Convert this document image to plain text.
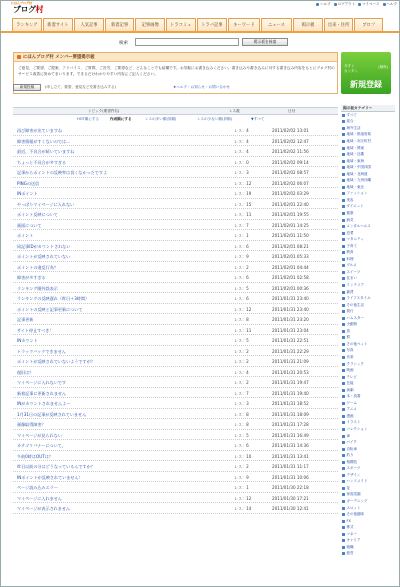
にほんブログ村
ブログ村	ヘルプ ログアウト マイページ ヘルプ
ランキング	新着サイト	人気記事	新着記事	記事画像	トラコミュ	トラバ記事	キーワード	ニュース	掲示板	出来・住所	ブロフ
検索	掲示板を検索
にほんブログ村 メンバー要望掲示板
ご意見、ご要望、ご提案、アドバイス、ご質問、ご苦労、ご要望など、どんなことでも結構です。お気軽にお書き込みください。書き込みや書き込みに対する書き込み内容をもとにブログ村のサービス改善に努めてまいります。できるだけわかりやすい内容にご記入ください。
今すぐ
カンタン
(無料)
新規登録
新規投稿	(申し立て、要望、意見などを書き込みする)	★ヘルプ・お知らせ・お問い合わせ
トピック(要望件名)	レス数	日付
HOT順にする	作成順にする	レスの多い順(昇順)	レスの少ない順(昇順)	▼すべて
再び障害が出ていますね	レス：4	2011/02/02 13:01
障害情報がすくないのでは...	レス：4	2011/02/02 12:47
最近、不具合が続いていますね	レス：4	2011/02/02 11:56
ちょっと不具合が多すぎる	レス：0	2011/02/02 09:14
記事からポイントの反映率は良くなかったですよ	レス：3	2011/02/02 08:57
PINGの送信	レス：12	2011/02/02 06:07
INポイント	レス：19	2011/02/02 03:29
やっぱりマイページに入れない	レス：15	2011/02/01 22:40
ポイント反映について	レス：11	2011/02/01 19:55
画面について	レス：7	2011/02/01 14:25
ポイント	レス：1	2011/02/01 11:50
同記事IDがカウントされない	レス：6	2011/02/01 08:21
ポイントが反映されていない	レス：9	2011/02/01 05:33
ポイントの違反行為？	レス：2	2011/02/01 04:44
障害が多すぎる	レス：6	2011/02/01 02:58
ランキング圏外誤表示	レス：5	2011/02/01 00:36
ランキングの反映遅れ（昨日＋3時間）	レス：6	2011/01/31 23:40
ポイントの反映と記事更新について	レス：12	2011/01/31 23:40
記事更新	レス：8	2011/01/31 23:20
サイト停止すべき！	レス：11	2011/01/31 23:04
INカウント	レス：5	2011/01/31 22:51
トラックバックできません	レス：2	2011/01/31 22:29
ポイントが反映されていないようですが？	レス：2	2011/01/31 21:09
復旧は？	レス：4	2011/01/31 20:53
マイページに入れないです	レス：2	2011/01/31 19:47
新着記事に更新されません	レス：7	2011/01/31 19:40
INがカウントされませんよ～	レス：3	2011/01/31 18:52
1月31日の記事が反映されていません	レス：8	2011/01/31 18:09
画像取得障害？	レス：8	2011/01/31 17:28
マイページが見られない	レス：5	2011/01/31 16:49
カテゴリバナーについて。	レス：6	2011/01/31 14:36
午前0時はOUTは？	レス：10	2011/01/31 13:41
昨日以前の分はどうなっているんですか？	レス：2	2011/01/31 11:17
INポイントが反映されていません！	レス：9	2011/01/31 10:06
ページ読み込みエラー	レス：1	2011/01/30 22:18
マイページに入れません	レス：12	2011/01/30 17:21
マイページが表示されません	レス：14	2011/01/30 12:41
掲示板カテゴリー
すべて
総合
海外生活
地域・都道府県
地域・市区町村
地域・関東
地域・近畿
地域・東海
地域・中国四国
地域・北海道
地域・九州沖縄
地域・東北
ファッション
美容
ダイエット
健康
病気
メンタルヘルス
恋愛
マタニティ
子育て
教育
料理
グルメ
スイーツ
住まい
インテリア
雑貨
ライフスタイル
その他生活
旅行
ハムスター
小動物
鳥
熊
その他ペット
写真
音楽
クラシック
映画
テレビ
芸能
演劇
本・読書
ゲーム
アニメ
漫画
イラスト
コレクション
車
バイク
自転車
釣り
格闘技
スポーツ
デザイン
ハンドメイド
花
家庭菜園
ガーデニング
スロット
その他趣味
FX
株式
マネー
キャリア
就職
経営
